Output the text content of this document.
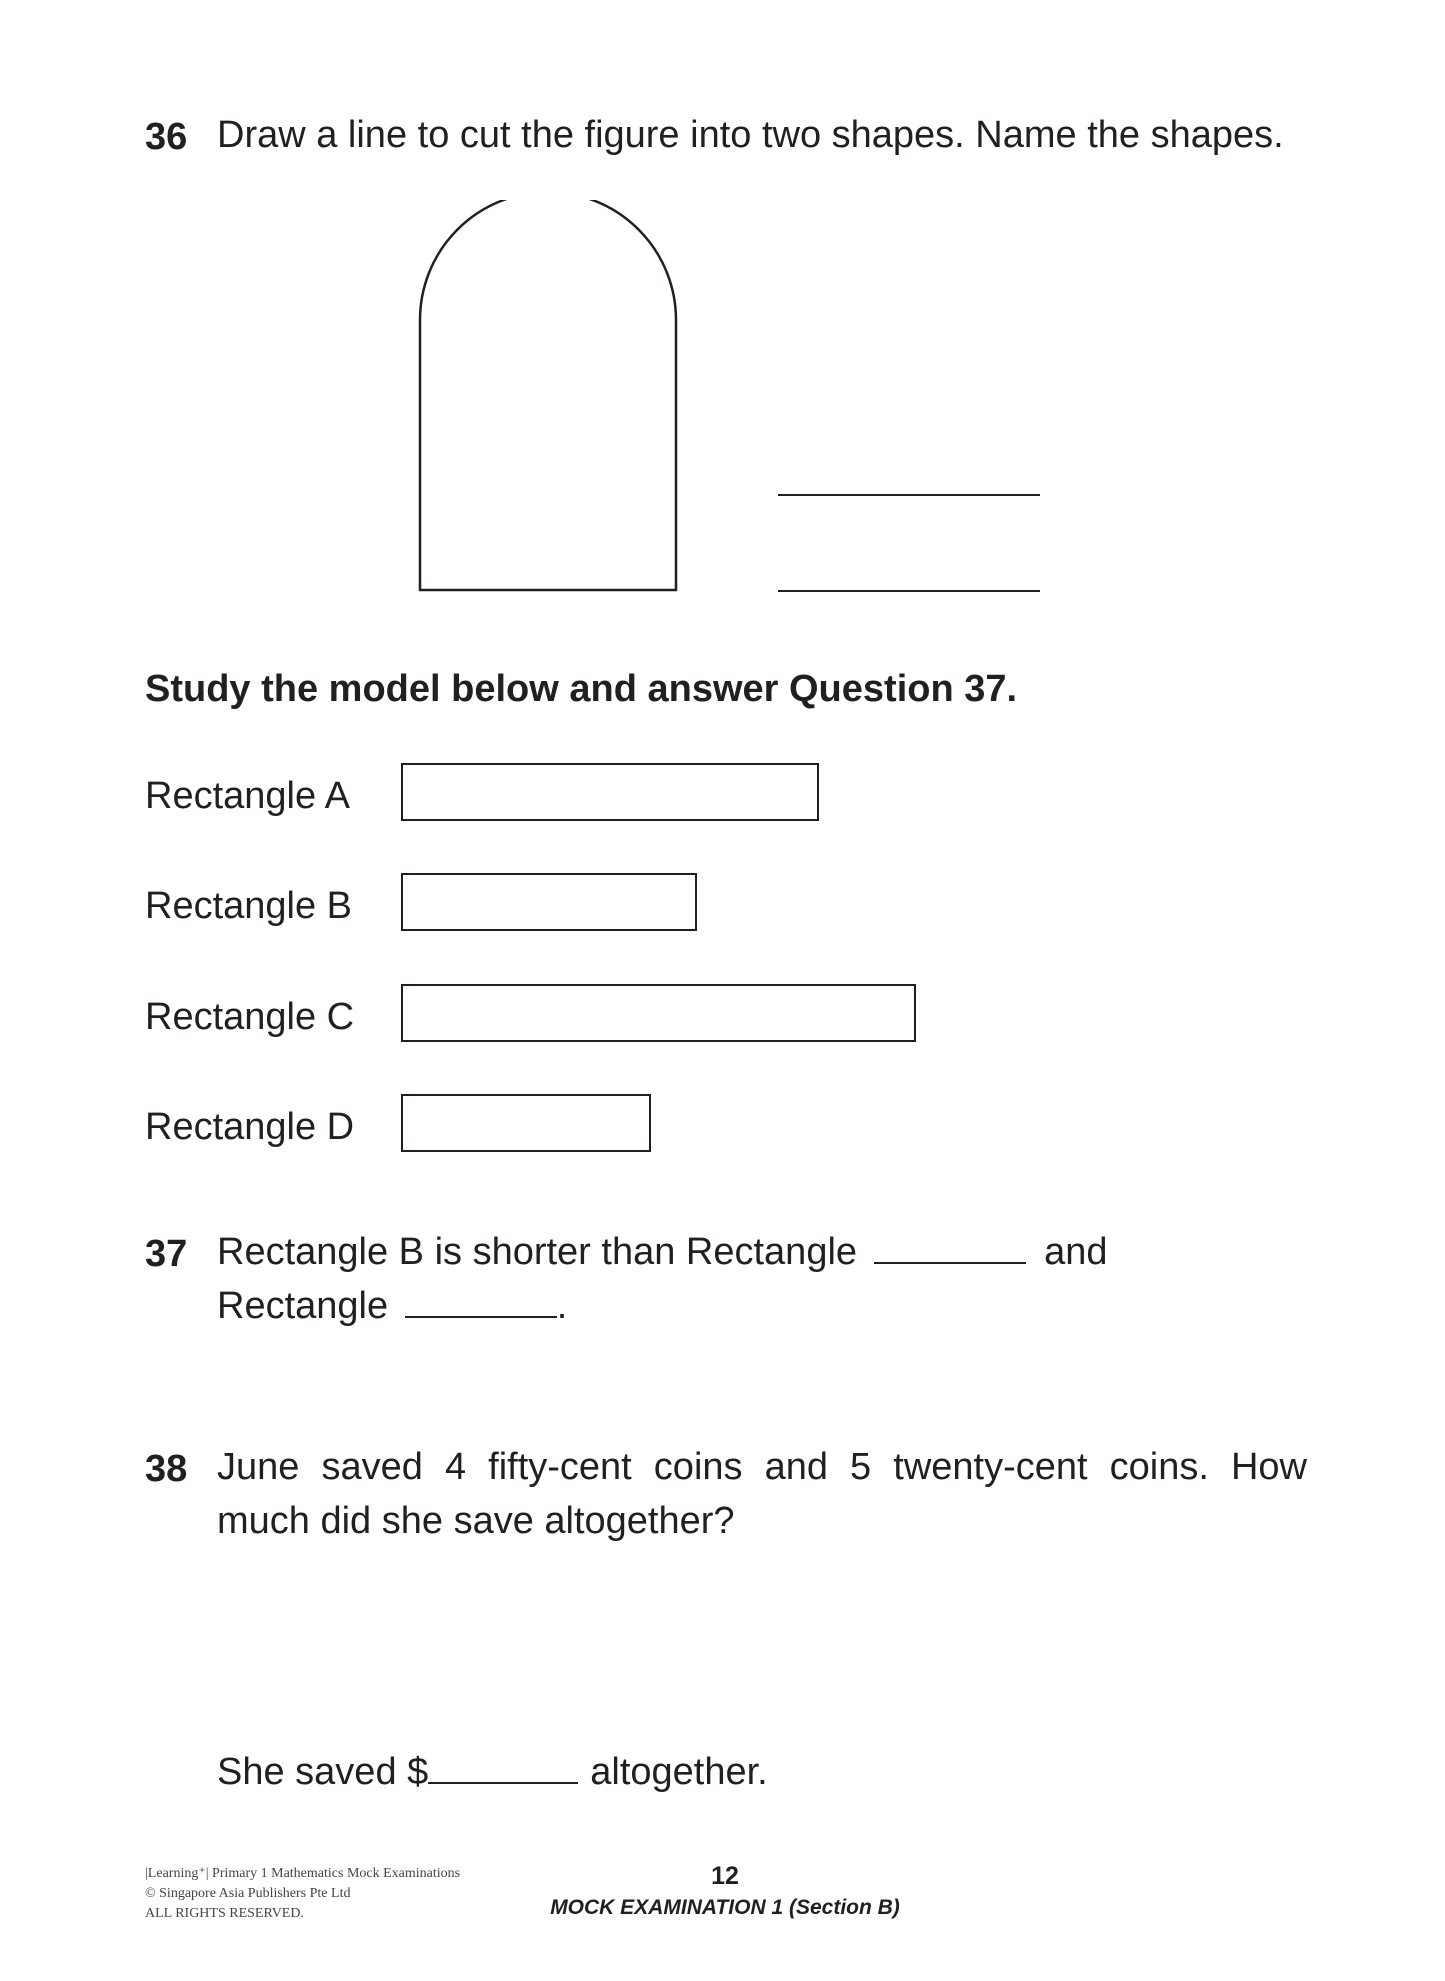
36 Draw a line to cut the figure into two shapes. Name the shapes.
Study the model below and answer Question 37.
Rectangle A
Rectangle B
Rectangle C
Rectangle D
37 Rectangle B is shorter than Rectangle	and
Rectangle	.
38 June saved 4 fifty-cent coins and 5 twenty-cent coins. How
much did she save altogether?
She saved $	altogether.
|Learning⁺| Primary 1 Mathematics Mock Examinations
© Singapore Asia Publishers Pte Ltd
ALL RIGHTS RESERVED.
12
MOCK EXAMINATION 1 (Section B)
